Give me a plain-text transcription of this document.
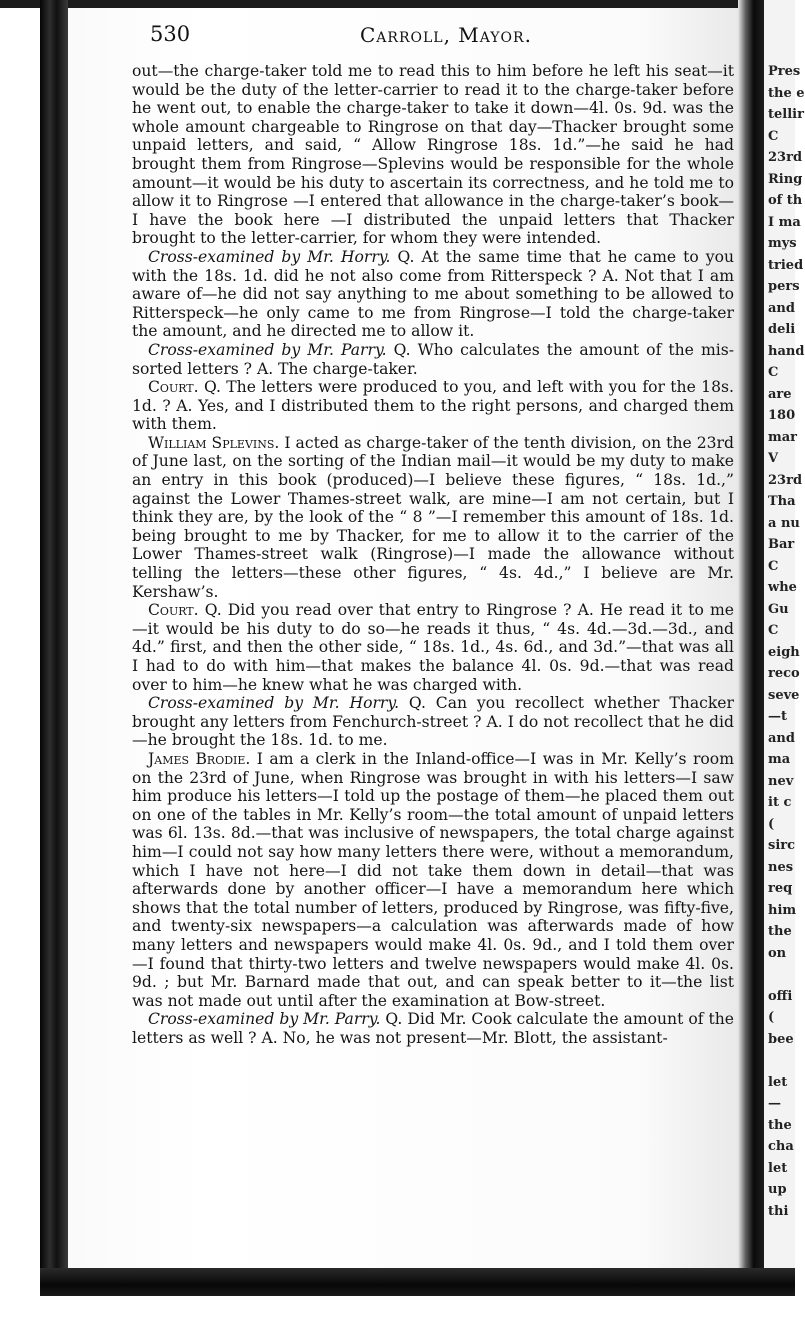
530	Carroll, Mayor.

out—the charge-taker told me to read this to him before he left his seat—it would be the duty of the letter-carrier to read it to the charge-taker before he went out, to enable the charge-taker to take it down—4l. 0s. 9d. was the whole amount chargeable to Ringrose on that day—Thacker brought some unpaid letters, and said, “ Allow Ringrose 18s. 1d.”—he said he had brought them from Ringrose—Splevins would be responsible for the whole amount—it would be his duty to ascertain its correctness, and he told me to allow it to Ringrose —I entered that allowance in the charge-taker’s book—I have the book here —I distributed the unpaid letters that Thacker brought to the letter-carrier, for whom they were intended.

Cross-examined by Mr. Horry. Q. At the same time that he came to you with the 18s. 1d. did he not also come from Ritterspeck ? A. Not that I am aware of—he did not say anything to me about something to be allowed to Ritterspeck—he only came to me from Ringrose—I told the charge-taker the amount, and he directed me to allow it.

Cross-examined by Mr. Parry. Q. Who calculates the amount of the mis-sorted letters ? A. The charge-taker.

Court. Q. The letters were produced to you, and left with you for the 18s. 1d. ? A. Yes, and I distributed them to the right persons, and charged them with them.

William Splevins. I acted as charge-taker of the tenth division, on the 23rd of June last, on the sorting of the Indian mail—it would be my duty to make an entry in this book (produced)—I believe these figures, “ 18s. 1d.,” against the Lower Thames-street walk, are mine—I am not certain, but I think they are, by the look of the “ 8 ”—I remember this amount of 18s. 1d. being brought to me by Thacker, for me to allow it to the carrier of the Lower Thames-street walk (Ringrose)—I made the allowance without telling the letters—these other figures, “ 4s. 4d.,” I believe are Mr. Kershaw’s.

Court. Q. Did you read over that entry to Ringrose ? A. He read it to me —it would be his duty to do so—he reads it thus, “ 4s. 4d.—3d.—3d., and 4d.” first, and then the other side, “ 18s. 1d., 4s. 6d., and 3d.”—that was all I had to do with him—that makes the balance 4l. 0s. 9d.—that was read over to him—he knew what he was charged with.

Cross-examined by Mr. Horry. Q. Can you recollect whether Thacker brought any letters from Fenchurch-street ? A. I do not recollect that he did —he brought the 18s. 1d. to me.

James Brodie. I am a clerk in the Inland-office—I was in Mr. Kelly’s room on the 23rd of June, when Ringrose was brought in with his letters—I saw him produce his letters—I told up the postage of them—he placed them out on one of the tables in Mr. Kelly’s room—the total amount of unpaid letters was 6l. 13s. 8d.—that was inclusive of newspapers, the total charge against him—I could not say how many letters there were, without a memorandum, which I have not here—I did not take them down in detail—that was afterwards done by another officer—I have a memorandum here which shows that the total number of letters, produced by Ringrose, was fifty-five, and twenty-six newspapers—a calculation was afterwards made of how many letters and newspapers would make 4l. 0s. 9d., and I told them over—I found that thirty-two letters and twelve newspapers would make 4l. 0s. 9d. ; but Mr. Barnard made that out, and can speak better to it—the list was not made out until after the examination at Bow-street.

Cross-examined by Mr. Parry. Q. Did Mr. Cook calculate the amount of the letters as well ? A. No, he was not present—Mr. Blott, the assistant-

Pres
the e
tellir
C
23rd
Ring
of th
I ma
mys
tried
pers
and
deli
hand
C
are
180
mar
V
23rd
Tha
a nu
Bar
C
whe
Gu
C
eigh
reco
seve
—t
and
ma
nev
it c
(
sirc
nes
req
him
the
on
offi
(
bee
let
—
the
cha
let
up
thi
